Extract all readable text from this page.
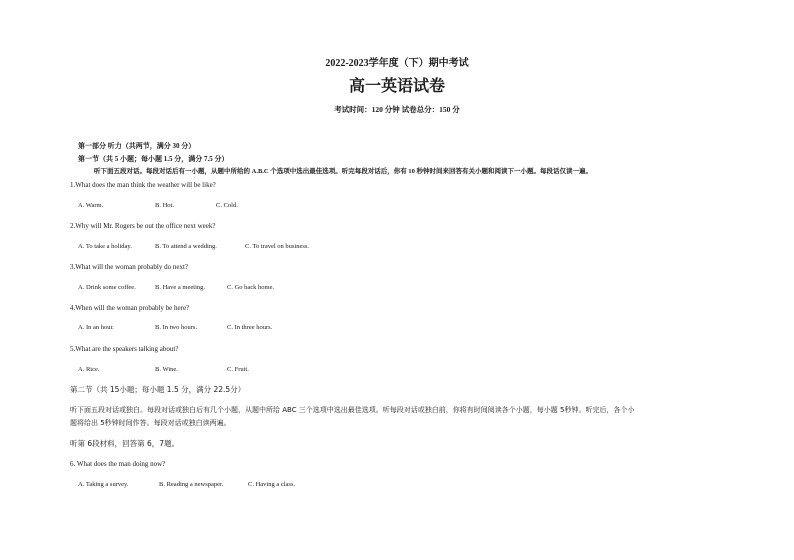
2022-2023学年度（下）期中考试
高一英语试卷
考试时间：120 分钟 试卷总分：150 分
第一部分 听力（共两节，满分 30 分）
第一节（共 5 小题；每小题 1.5 分，满分 7.5 分）
听下面五段对话。每段对话后有一小题，从题中所给的 A.B.C 个选项中选出最佳选项。听完每段对话后，你有 10 秒钟时间来回答有关小题和阅读下一小题。每段话仅读一遍。
1.What does the man think the weather will be like?
A. Warm.	B. Hot.	C. Cold.
2.Why will Mr. Rogers be out the office next week?
A. To take a holiday.	B. To attend a wedding.	C. To travel on business.
3.What will the woman probably do next?
A. Drink some coffee.	B. Have a meeting.	C. Go back home.
4.When will the woman probably be here?
A. In an hour.	B. In two hours.	C. In three hours.
5.What are the speakers talking about?
A. Rice.	B. Wine.	C. Fruit.
第二节（共 15小题；每小题 1.5 分，满分 22.5分）
听下面五段对话或独白。每段对话或独白后有几个小题，从题中所给 ABC 三个选项中选出最佳选项。听每段对话或独白前，你将有时间阅读各个小题，每小题 5秒钟。听完后，各个小
题将给出 5秒钟时间作答。每段对话或独白读两遍。
听第 6段材料，回答第 6，7题。
6. What does the man doing now?
A. Taking a survey.	B. Reading a newspaper.	C. Having a class.
